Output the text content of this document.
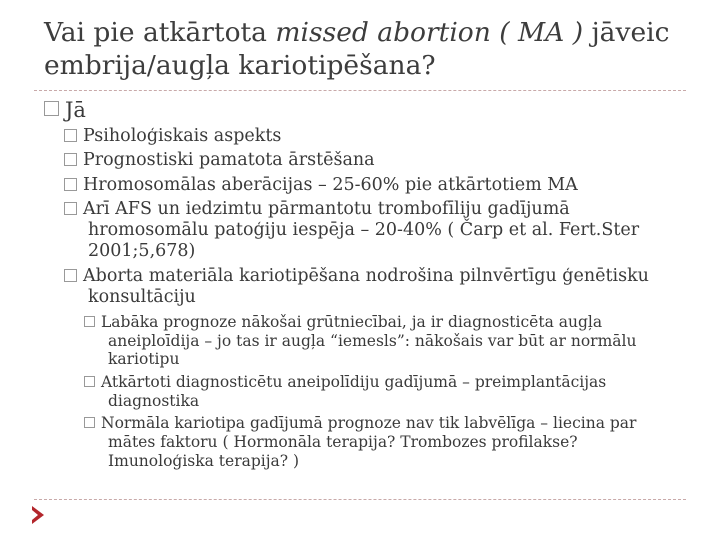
Vai pie atkārtota missed abortion ( MA ) jāveic embrija/augļa kariotipēšana?
Jā
Psiholoģiskais aspekts
Prognostiski pamatota ārstēšana
Hromosomālas aberācijas – 25-60% pie atkārtotiem MA
Arī AFS un iedzimtu pārmantotu trombofīliju gadījumā
hromosomālu patoģiju iespēja – 20-40% ( Čarp et al. Fert.Ster
2001;5,678)
Aborta materiāla kariotipēšana nodrošina pilnvērtīgu ģenētisku
konsultāciju
Labāka prognoze nākošai grūtniecībai, ja ir diagnosticēta augļa
aneiploīdija – jo tas ir augļa “iemesls”: nākošais var būt ar normālu
kariotipu
Atkārtoti diagnosticētu aneipolīdiju gadījumā – preimplantācijas
diagnostika
Normāla kariotipa gadījumā prognoze nav tik labvēlīga – liecina par
mātes faktoru ( Hormonāla terapija? Trombozes profilakse?
Imunoloģiska terapija? )
